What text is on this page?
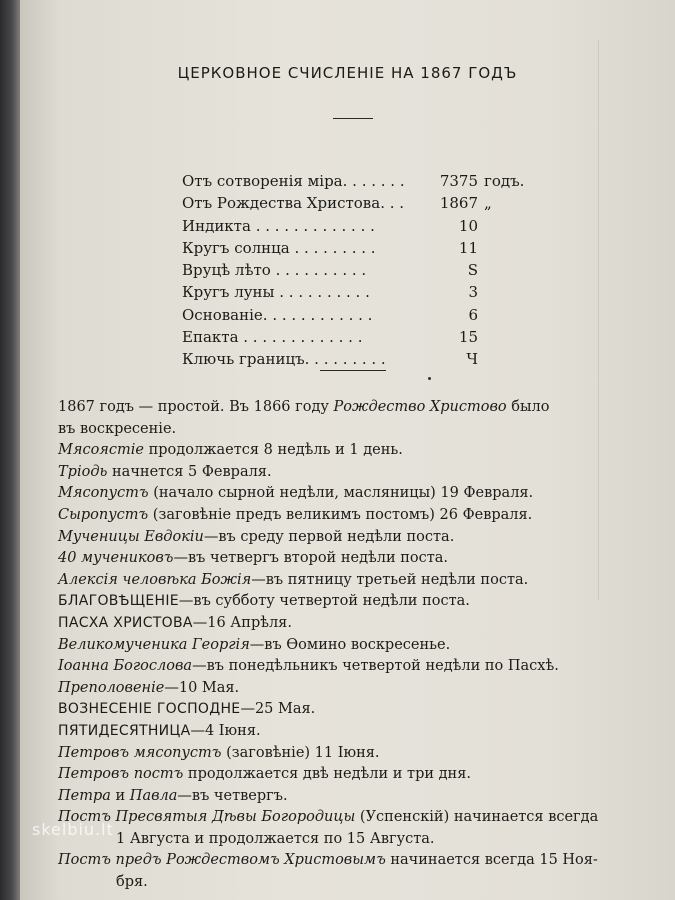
ЦЕРКОВНОЕ СЧИСЛЕНІЕ НА 1867 ГОДЪ
Отъ сотворенія міра. . . . . . .	7375 годъ.
Отъ Рождества Христова. . .	1867 „
Индикта . . . . . . . . . . . . .	10
Кругъ солнца . . . . . . . . .	11
Вруцѣ лѣто . . . . . . . . . .	S
Кругъ луны . . . . . . . . . .	3
Основаніе. . . . . . . . . . . .	6
Епакта . . . . . . . . . . . . .	15
Ключь границъ. . . . . . . . .	Ч
1867 годъ — простой. Въ 1866 году Рождество Христово было
въ воскресеніе.
Мясоястіе продолжается 8 недѣль и 1 день.
Тріодь начнется 5 Февраля.
Мясопустъ (начало сырной недѣли, масляницы) 19 Февраля.
Сыропустъ (заговѣніе предъ великимъ постомъ) 26 Февраля.
Мученицы Евдокіи—въ среду первой недѣли поста.
40 мучениковъ—въ четвергъ второй недѣли поста.
Алексія человѣка Божія—въ пятницу третьей недѣли поста.
БЛАГОВѢЩЕНІЕ—въ субботу четвертой недѣли поста.
ПАСХА ХРИСТОВА—16 Апрѣля.
Великомученика Георгія—въ Ѳомино воскресенье.
Іоанна Богослова—въ понедѣльникъ четвертой недѣли по Пасхѣ.
Преполовеніе—10 Мая.
ВОЗНЕСЕНІЕ ГОСПОДНЕ—25 Мая.
ПЯТИДЕСЯТНИЦА—4 Іюня.
Петровъ мясопустъ (заговѣніе) 11 Іюня.
Петровъ постъ продолжается двѣ недѣли и три дня.
Петра и Павла—въ четвергъ.
Постъ Пресвятыя Дѣвы Богородицы (Успенскій) начинается всегда
1 Августа и продолжается по 15 Августа.
Постъ предъ Рождествомъ Христовымъ начинается всегда 15 Ноя-
бря.
skelbiu.lt
